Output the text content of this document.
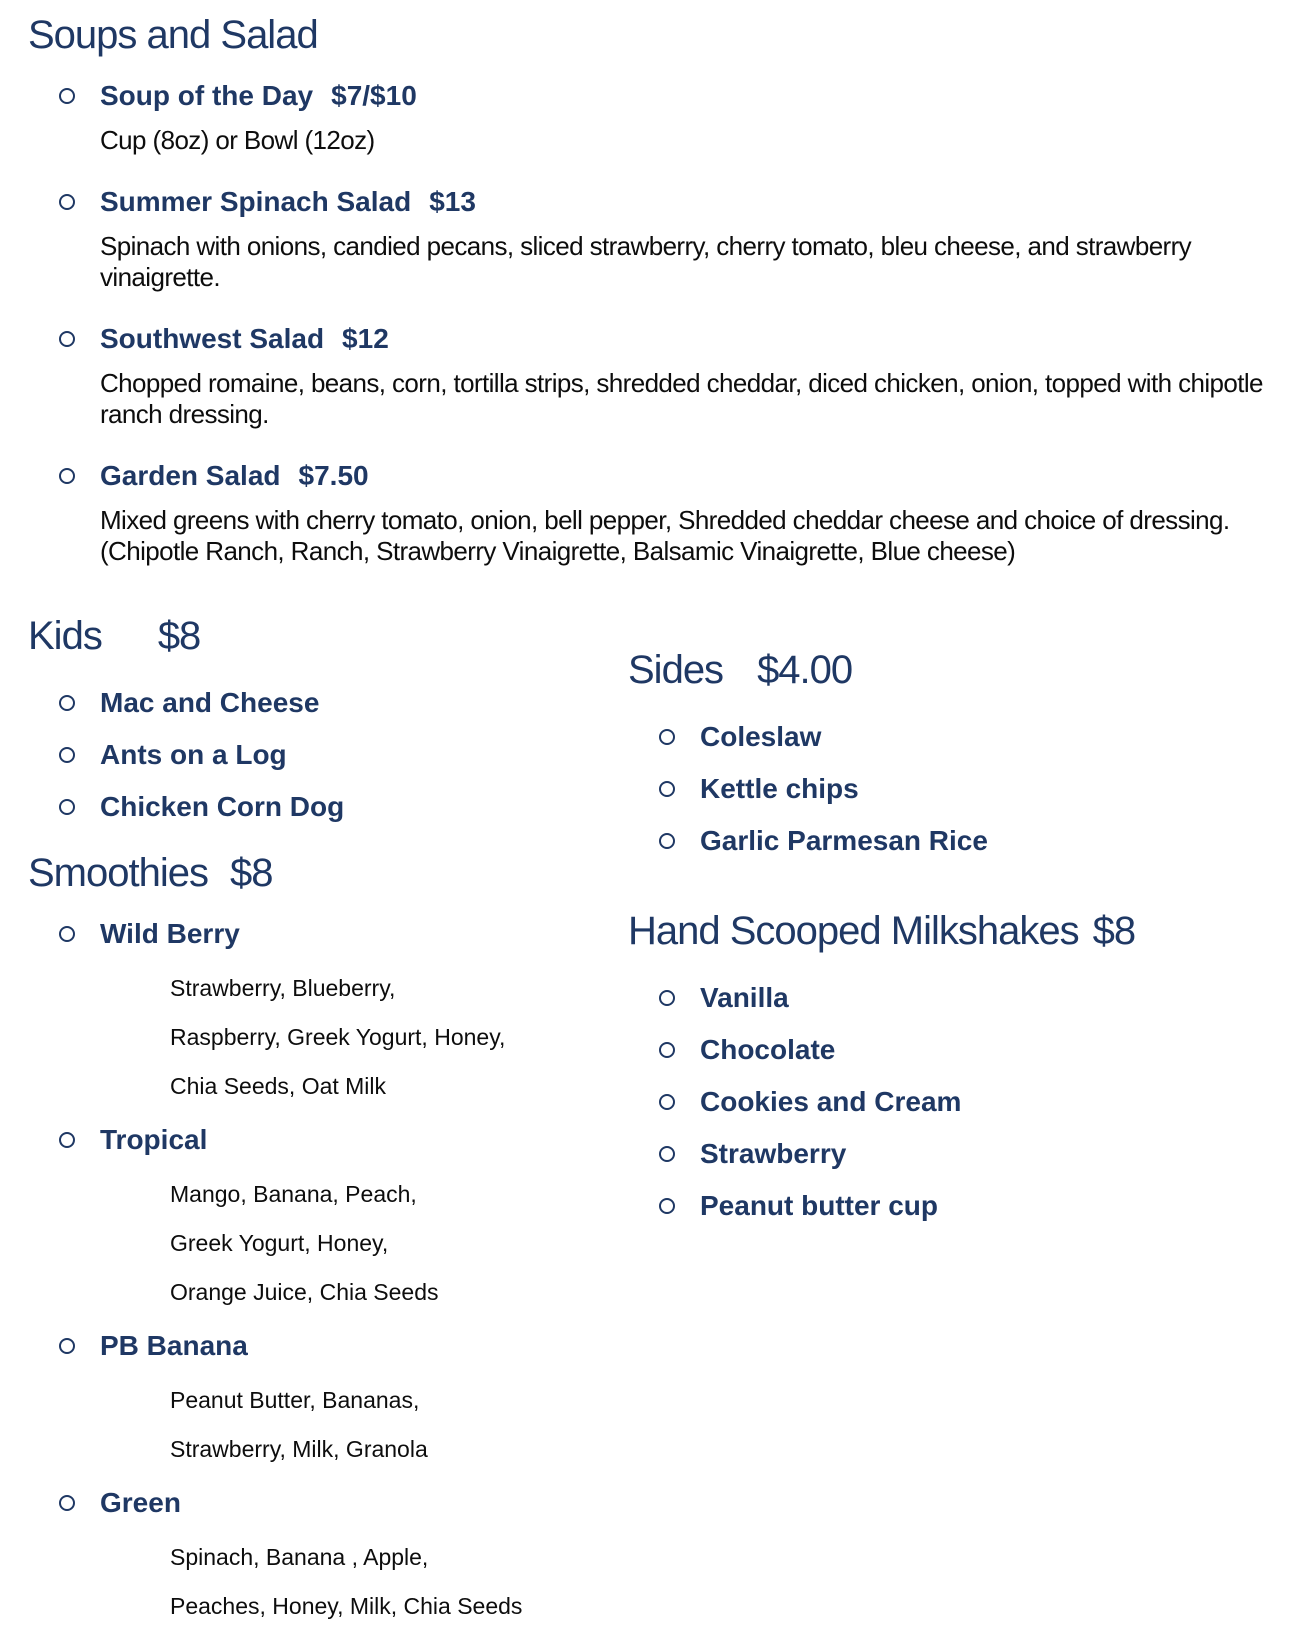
Soups and Salad
Soup of the Day $7/$10

Cup (8oz) or Bowl (12oz)

Summer Spinach Salad $13

Spinach with onions, candied pecans, sliced strawberry, cherry tomato, bleu cheese, and strawberry vinaigrette.

Southwest Salad $12

Chopped romaine, beans, corn, tortilla strips, shredded cheddar, diced chicken, onion, topped with chipotle ranch dressing.

Garden Salad $7.50

Mixed greens with cherry tomato, onion, bell pepper, Shredded cheddar cheese and choice of dressing. (Chipotle Ranch, Ranch, Strawberry Vinaigrette, Balsamic Vinaigrette, Blue cheese)

Kids $8
Mac and Cheese
Ants on a Log
Chicken Corn Dog
Smoothies $8
Wild Berry

Strawberry, Blueberry,

Raspberry, Greek Yogurt, Honey,

Chia Seeds, Oat Milk

Tropical

Mango, Banana, Peach,

Greek Yogurt, Honey,

Orange Juice, Chia Seeds

PB Banana

Peanut Butter, Bananas,

Strawberry, Milk, Granola

Green

Spinach, Banana , Apple,

Peaches, Honey, Milk, Chia Seeds

Sides $4.00
Coleslaw
Kettle chips
Garlic Parmesan Rice
Hand Scooped Milkshakes $8
Vanilla
Chocolate
Cookies and Cream
Strawberry
Peanut butter cup
